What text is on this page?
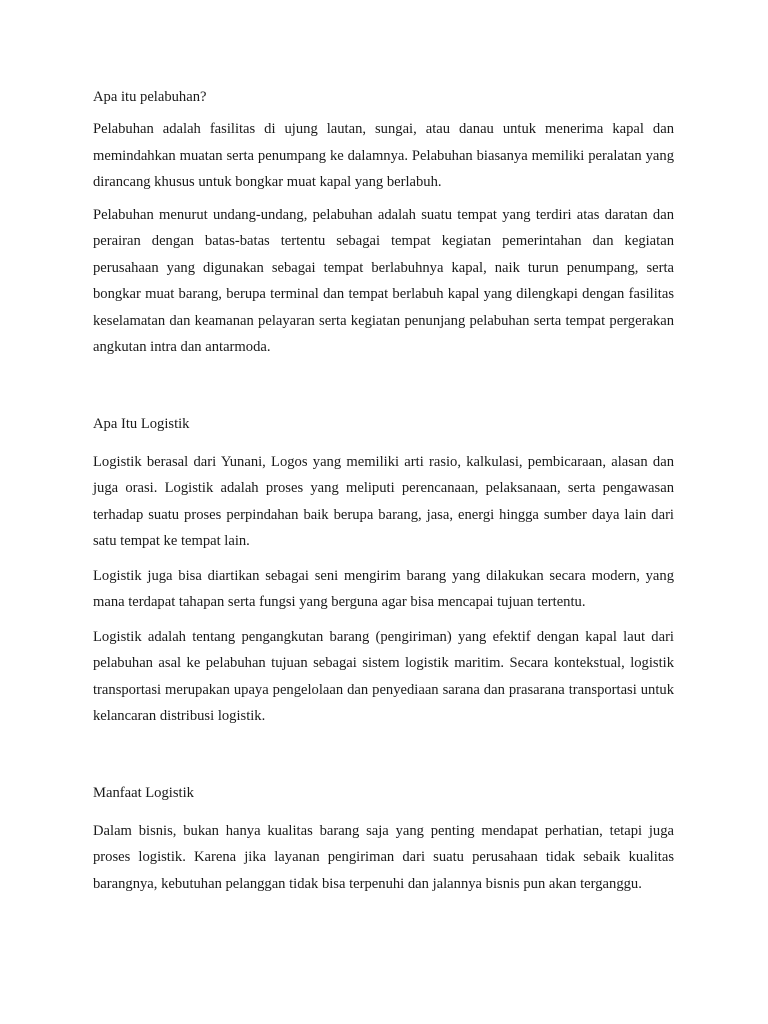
Apa itu pelabuhan?

Pelabuhan adalah fasilitas di ujung lautan, sungai, atau danau untuk menerima kapal dan memindahkan muatan serta penumpang ke dalamnya. Pelabuhan biasanya memiliki peralatan yang dirancang khusus untuk bongkar muat kapal yang berlabuh.

Pelabuhan menurut undang-undang, pelabuhan adalah suatu tempat yang terdiri atas daratan dan perairan dengan batas-batas tertentu sebagai tempat kegiatan pemerintahan dan kegiatan perusahaan yang digunakan sebagai tempat berlabuhnya kapal, naik turun penumpang, serta bongkar muat barang, berupa terminal dan tempat berlabuh kapal yang dilengkapi dengan fasilitas keselamatan dan keamanan pelayaran serta kegiatan penunjang pelabuhan serta tempat pergerakan angkutan intra dan antarmoda.

Apa Itu Logistik

Logistik berasal dari Yunani, Logos yang memiliki arti rasio, kalkulasi, pembicaraan, alasan dan juga orasi. Logistik adalah proses yang meliputi perencanaan, pelaksanaan, serta pengawasan terhadap suatu proses perpindahan baik berupa barang, jasa, energi hingga sumber daya lain dari satu tempat ke tempat lain.

Logistik juga bisa diartikan sebagai seni mengirim barang yang dilakukan secara modern, yang mana terdapat tahapan serta fungsi yang berguna agar bisa mencapai tujuan tertentu.

Logistik adalah tentang pengangkutan barang (pengiriman) yang efektif dengan kapal laut dari pelabuhan asal ke pelabuhan tujuan sebagai sistem logistik maritim. Secara kontekstual, logistik transportasi merupakan upaya pengelolaan dan penyediaan sarana dan prasarana transportasi untuk kelancaran distribusi logistik.

Manfaat Logistik

Dalam bisnis, bukan hanya kualitas barang saja yang penting mendapat perhatian, tetapi juga proses logistik. Karena jika layanan pengiriman dari suatu perusahaan tidak sebaik kualitas barangnya, kebutuhan pelanggan tidak bisa terpenuhi dan jalannya bisnis pun akan terganggu.
